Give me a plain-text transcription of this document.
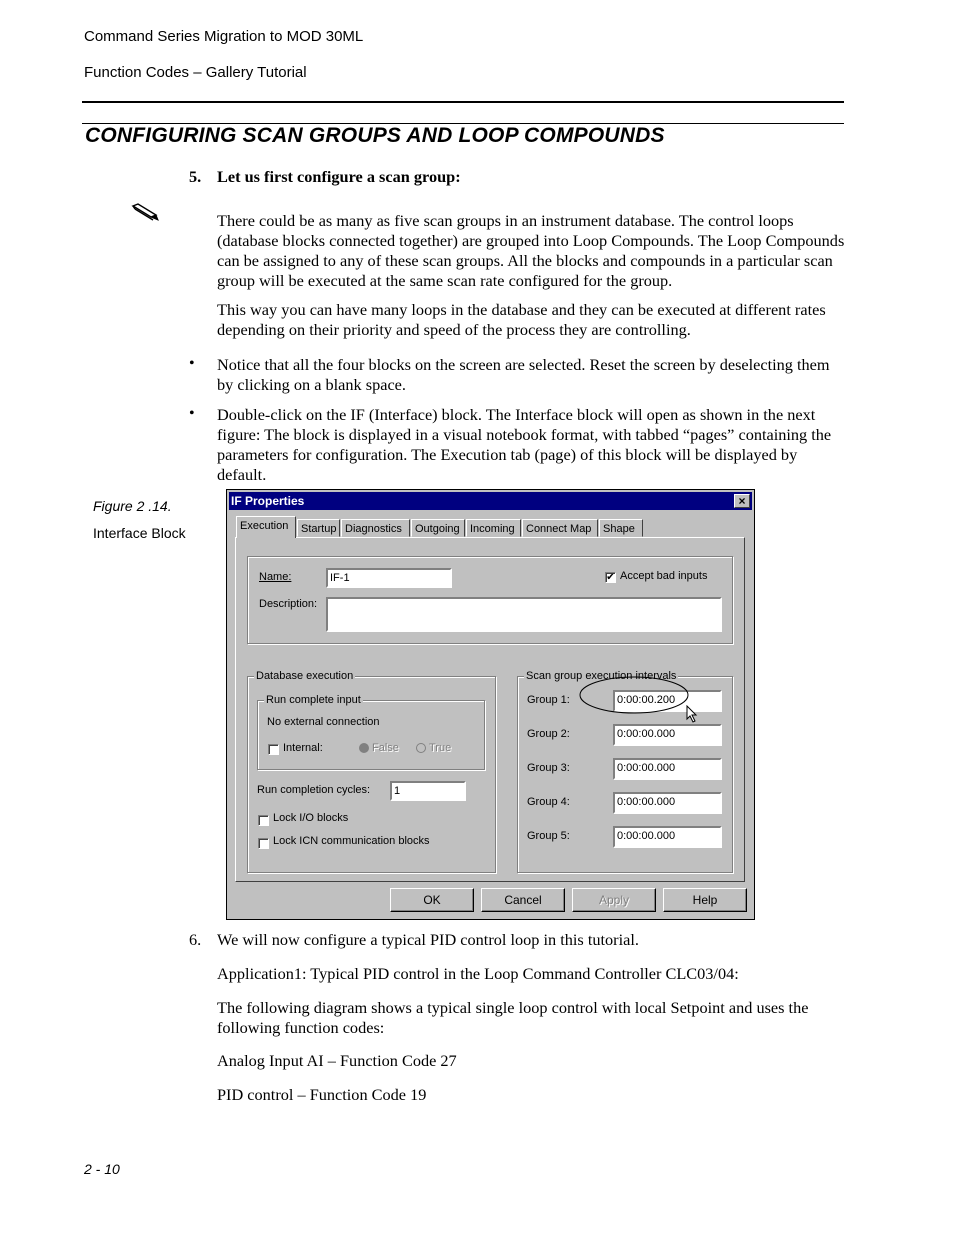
Command Series Migration to MOD 30ML
Function Codes – Gallery Tutorial
CONFIGURING SCAN GROUPS AND LOOP COMPOUNDS
5. Let us first configure a scan group:
There could be as many as five scan groups in an instrument database. The control loops (database blocks connected together) are grouped into Loop Compounds. The Loop Compounds can be assigned to any of these scan groups. All the blocks and compounds in a particular scan group will be executed at the same scan rate configured for the group.
This way you can have many loops in the database and they can be executed at different rates depending on their priority and speed of the process they are controlling.
• Notice that all the four blocks on the screen are selected. Reset the screen by deselecting them by clicking on a blank space.
• Double-click on the IF (Interface) block. The Interface block will open as shown in the next figure: The block is displayed in a visual notebook format, with tabbed “pages” containing the parameters for configuration. The Execution tab (page) of this block will be displayed by default.
Figure 2 .14.
Interface Block
IF Properties	×
Execution	Startup Diagnostics	Outgoing Incoming	Connect Map	Shape
Name:	IF-1	✔ Accept bad inputs
Description:
Database execution
Run complete input
No external connection
Internal:	False	True
Run completion cycles:	1
Lock I/O blocks
Lock ICN communication blocks
Scan group execution intervals
Group 1:	0:00:00.200
Group 2:	0:00:00.000
Group 3:	0:00:00.000
Group 4:	0:00:00.000
Group 5:	0:00:00.000
OK	Cancel	Apply	Help
6. We will now configure a typical PID control loop in this tutorial.
Application1: Typical PID control in the Loop Command Controller CLC03/04:
The following diagram shows a typical single loop control with local Setpoint and uses the following function codes:
Analog Input AI – Function Code 27
PID control – Function Code 19
2 - 10
